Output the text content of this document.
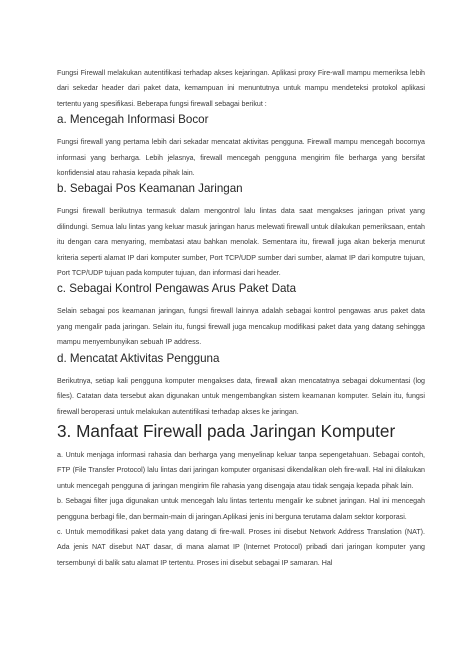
Fungsi Firewall melakukan autentifikasi terhadap akses kejaringan. Aplikasi proxy Fire-wall mampu memeriksa lebih dari sekedar header dari paket data, kemampuan ini menuntutnya untuk mampu mendeteksi protokol aplikasi tertentu yang spesifikasi. Beberapa fungsi firewall sebagai berikut :

a. Mencegah Informasi Bocor

Fungsi firewall yang pertama lebih dari sekadar mencatat aktivitas pengguna. Firewall mampu mencegah bocornya informasi yang berharga. Lebih jelasnya, firewall mencegah pengguna mengirim file berharga yang bersifat konfidensial atau rahasia kepada pihak lain.

b. Sebagai Pos Keamanan Jaringan

Fungsi firewall berikutnya termasuk dalam mengontrol lalu lintas data saat mengakses jaringan privat yang dilindungi. Semua lalu lintas yang keluar masuk jaringan harus melewati firewall untuk dilakukan pemeriksaan, entah itu dengan cara menyaring, membatasi atau bahkan menolak. Sementara itu, firewall juga akan bekerja menurut kriteria seperti alamat IP dari komputer sumber, Port TCP/UDP sumber dari sumber, alamat IP dari komputre tujuan, Port TCP/UDP tujuan pada komputer tujuan, dan informasi dari header.

c. Sebagai Kontrol Pengawas Arus Paket Data

Selain sebagai pos keamanan jaringan, fungsi firewall lainnya adalah sebagai kontrol pengawas arus paket data yang mengalir pada jaringan. Selain itu, fungsi firewall juga mencakup modifikasi paket data yang datang sehingga mampu menyembunyikan sebuah IP address.

d. Mencatat Aktivitas Pengguna

Berikutnya, setiap kali pengguna komputer mengakses data, firewall akan mencatatnya sebagai dokumentasi (log files). Catatan data tersebut akan digunakan untuk mengembangkan sistem keamanan komputer. Selain itu, fungsi firewall beroperasi untuk melakukan autentifikasi terhadap akses ke jaringan.

3. Manfaat Firewall pada Jaringan Komputer

a. Untuk menjaga informasi rahasia dan berharga yang menyelinap keluar tanpa sepengetahuan. Sebagai contoh, FTP (File Transfer Protocol) lalu lintas dari jaringan komputer organisasi dikendalikan oleh fire-wall. Hal ini dilakukan untuk mencegah pengguna di jaringan mengirim file rahasia yang disengaja atau tidak sengaja kepada pihak lain.

b. Sebagai filter juga digunakan untuk mencegah lalu lintas tertentu mengalir ke subnet jaringan. Hal ini mencegah pengguna berbagi file, dan bermain-main di jaringan.Aplikasi jenis ini berguna terutama dalam sektor korporasi.

c. Untuk memodifikasi paket data yang datang di fire-wall. Proses ini disebut Network Address Translation (NAT). Ada jenis NAT disebut NAT dasar, di mana alamat IP (Internet Protocol) pribadi dari jaringan komputer yang tersembunyi di balik satu alamat IP tertentu. Proses ini disebut sebagai IP samaran. Hal
